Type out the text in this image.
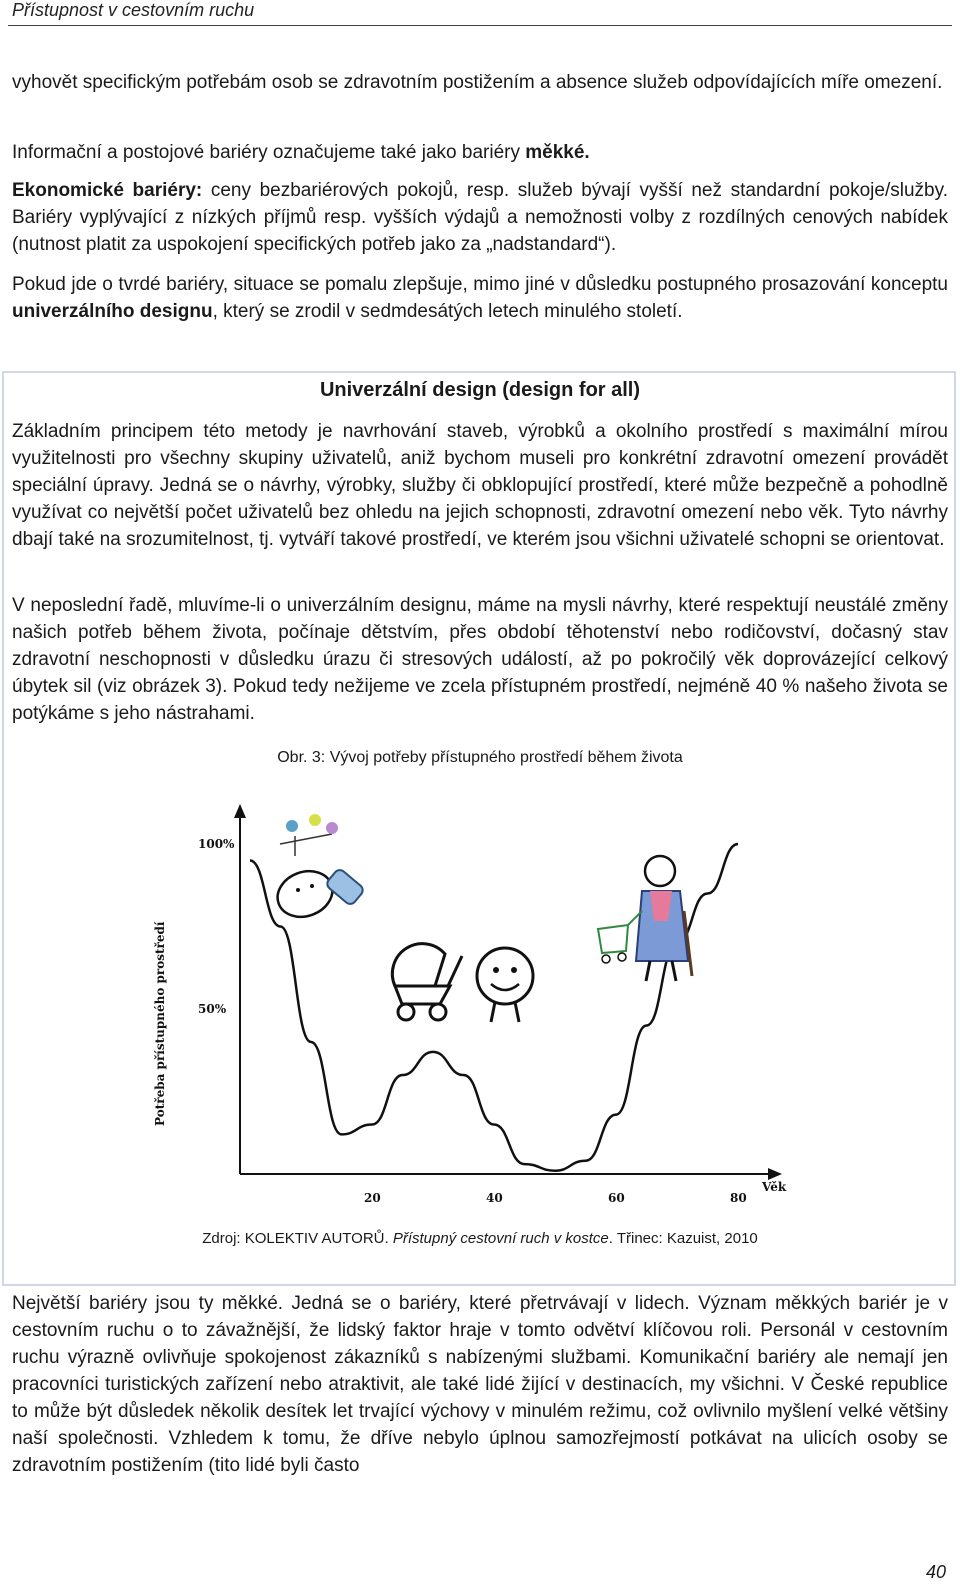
Přístupnost v cestovním ruchu

vyhovět specifickým potřebám osob se zdravotním postižením a absence služeb odpovídajících míře omezení.

Informační a postojové bariéry označujeme také jako bariéry měkké.

Ekonomické bariéry: ceny bezbariérových pokojů, resp. služeb bývají vyšší než standardní pokoje/služby. Bariéry vyplývající z nízkých příjmů resp. vyšších výdajů a nemožnosti volby z rozdílných cenových nabídek (nutnost platit za uspokojení specifických potřeb jako za „nadstandard“).

Pokud jde o tvrdé bariéry, situace se pomalu zlepšuje, mimo jiné v důsledku postupného prosazování konceptu univerzálního designu, který se zrodil v sedmdesátých letech minulého století.

Univerzální design (design for all)

Základním principem této metody je navrhování staveb, výrobků a okolního prostředí s maximální mírou využitelnosti pro všechny skupiny uživatelů, aniž bychom museli pro konkrétní zdravotní omezení provádět speciální úpravy. Jedná se o návrhy, výrobky, služby či obklopující prostředí, které může bezpečně a pohodlně využívat co největší počet uživatelů bez ohledu na jejich schopnosti, zdravotní omezení nebo věk. Tyto návrhy dbají také na srozumitelnost, tj. vytváří takové prostředí, ve kterém jsou všichni uživatelé schopni se orientovat.

V neposlední řadě, mluvíme-li o univerzálním designu, máme na mysli návrhy, které respektují neustálé změny našich potřeb během života, počínaje dětstvím, přes období těhotenství nebo rodičovství, dočasný stav zdravotní neschopnosti v důsledku úrazu či stresových událostí, až po pokročilý věk doprovázející celkový úbytek sil (viz obrázek 3). Pokud tedy nežijeme ve zcela přístupném prostředí, nejméně 40 % našeho života se potýkáme s jeho nástrahami.

Obr. 3: Vývoj potřeby přístupného prostředí během života
Věk
Potřeba přístupného prostředí	50%
100%
20	40	60	80
Zdroj: KOLEKTIV AUTORŮ. Přístupný cestovní ruch v kostce. Třinec: Kazuist, 2010

Největší bariéry jsou ty měkké. Jedná se o bariéry, které přetrvávají v lidech. Význam měkkých bariér je v cestovním ruchu o to závažnější, že lidský faktor hraje v tomto odvětví klíčovou roli. Personál v cestovním ruchu výrazně ovlivňuje spokojenost zákazníků s nabízenými službami. Komunikační bariéry ale nemají jen pracovníci turistických zařízení nebo atraktivit, ale také lidé žijící v destinacích, my všichni. V České republice to může být důsledek několik desítek let trvající výchovy v minulém režimu, což ovlivnilo myšlení velké většiny naší společnosti. Vzhledem k tomu, že dříve nebylo úplnou samozřejmostí potkávat na ulicích osoby se zdravotním postižením (tito lidé byli často

40
